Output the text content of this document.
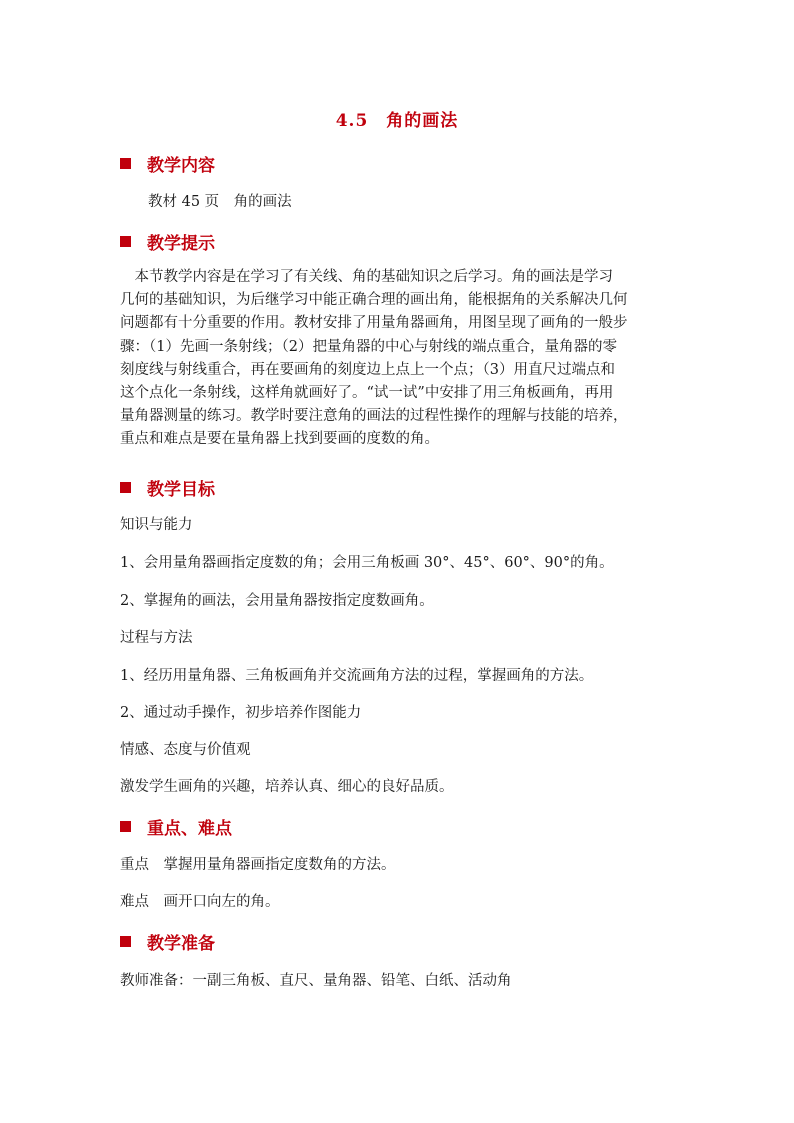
4.5　角的画法
教学内容
教材 45 页　角的画法
教学提示

　本节教学内容是在学习了有关线、角的基础知识之后学习。角的画法是学习

几何的基础知识，为后继学习中能正确合理的画出角，能根据角的关系解决几何

问题都有十分重要的作用。教材安排了用量角器画角，用图呈现了画角的一般步

骤：（1）先画一条射线；（2）把量角器的中心与射线的端点重合，量角器的零

刻度线与射线重合，再在要画角的刻度边上点上一个点；（3）用直尺过端点和

这个点化一条射线，这样角就画好了。“试一试”中安排了用三角板画角，再用

量角器测量的练习。教学时要注意角的画法的过程性操作的理解与技能的培养，

重点和难点是要在量角器上找到要画的度数的角。

教学目标
知识与能力
1、会用量角器画指定度数的角；会用三角板画 30°、45°、60°、90°的角。
2、掌握角的画法，会用量角器按指定度数画角。
过程与方法
1、经历用量角器、三角板画角并交流画角方法的过程，掌握画角的方法。
2、通过动手操作，初步培养作图能力
情感、态度与价值观
激发学生画角的兴趣，培养认真、细心的良好品质。
重点、难点
重点　掌握用量角器画指定度数角的方法。
难点　画开口向左的角。
教学准备
教师准备：一副三角板、直尺、量角器、铅笔、白纸、活动角
